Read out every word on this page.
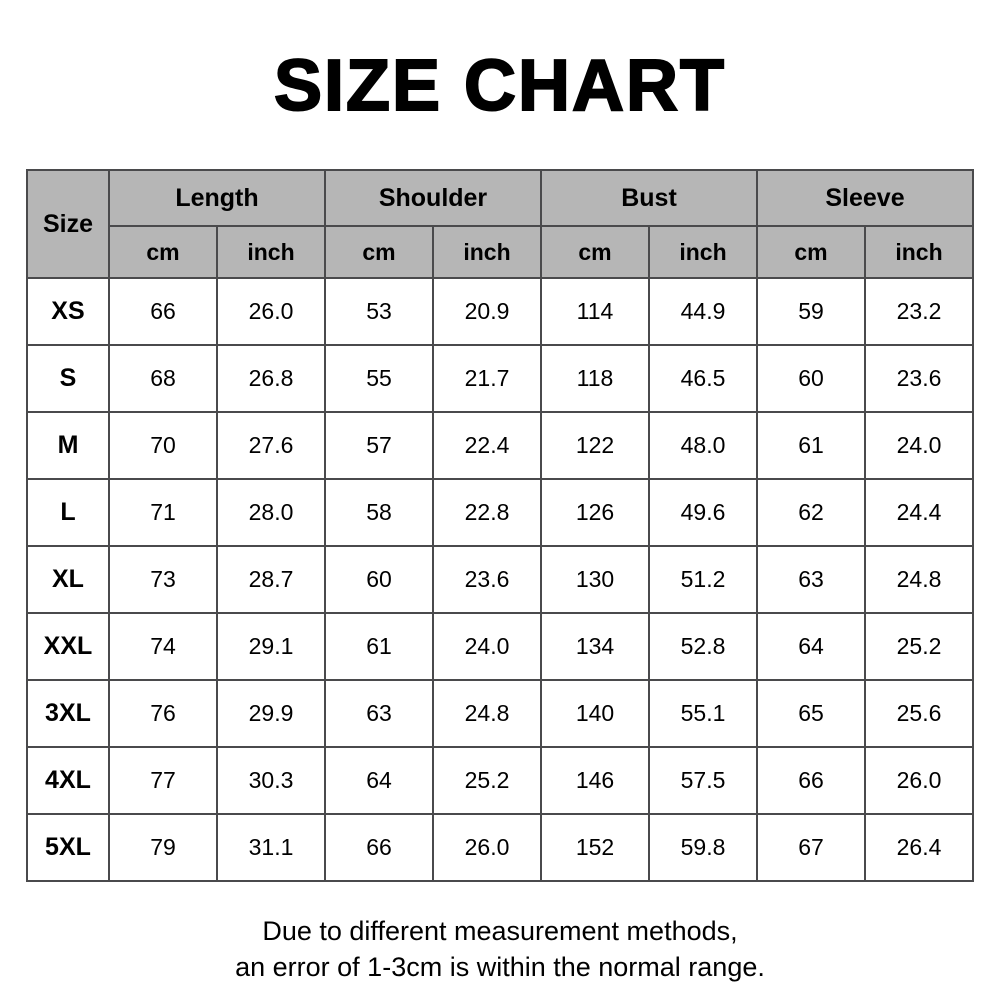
SIZE CHART
Size	Length		Shoulder		Bust		Sleeve	
	cm	inch	cm	inch	cm	inch	cm	inch
XS	66	26.0	53	20.9	114	44.9	59	23.2
S	68	26.8	55	21.7	118	46.5	60	23.6
M	70	27.6	57	22.4	122	48.0	61	24.0
L	71	28.0	58	22.8	126	49.6	62	24.4
XL	73	28.7	60	23.6	130	51.2	63	24.8
XXL	74	29.1	61	24.0	134	52.8	64	25.2
3XL	76	29.9	63	24.8	140	55.1	65	25.6
4XL	77	30.3	64	25.2	146	57.5	66	26.0
5XL	79	31.1	66	26.0	152	59.8	67	26.4

Due to different measurement methods,
an error of 1-3cm is within the normal range.
